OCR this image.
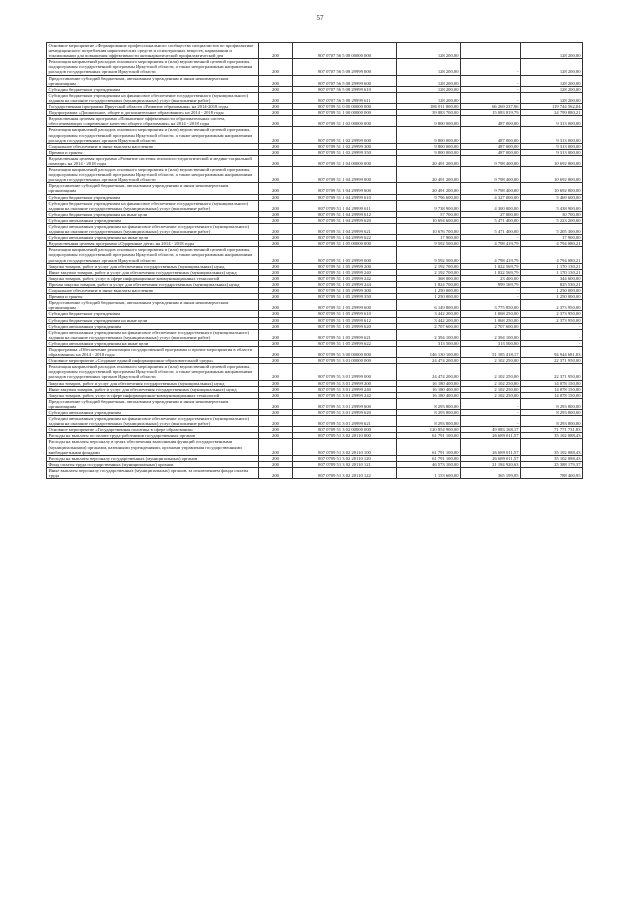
57
Основное мероприятие «Формирование профессионального сообщества специалистов по профилактике немедицинского потребления наркотических средств и психотропных веществ, наркомании и токсикомании для повышения эффективности антинаркотической профилактической дея	200	807 0707 56 5 08 00000 000	128 200,00		128 200,00
Реализация направлений расходов основного мероприятия и (или) ведомственной целевой программы, подпрограммы государственной программы Иркутской области, а также непрограммным направлениям расходов государственных органов Иркутской области	200	807 0707 56 5 08 29999 000	128 200,00	-	128 200,00
Предоставление субсидий бюджетным, автономным учреждениям и иным некоммерческим организациям	200	807 0707 56 5 08 29999 600	128 200,00	-	128 200,00
Субсидии бюджетным учреждениям	200	807 0707 56 5 08 29999 610	128 200,00	-	128 200,00
Субсидии бюджетным учреждениям на финансовое обеспечение государственного (муниципального) задания на оказание государственных (муниципальных) услуг (выполнение работ)	200	807 0707 56 5 08 29999 611	128 200,00	-	128 200,00
Государственная программа Иркутской области «Развитие образования» на 2014-2018 годы	200	807 0709 51 0 00 00000 000	186 011 800,00	66 269 237,96	119 744 562,04
Подпрограмма «Дошкольное, общее и дополнительное образование» на 2014 - 2018 годы	200	807 0709 51 1 00 00000 000	39 883 700,00	15 083 819,79	24 799 880,21
Ведомственная целевая программа «Повышение эффективности образовательных систем, обеспечивающих современное качество общего образования» на 2014 - 2018 годы	200	807 0709 51 1 02 00000 000	9 800 000,00	487 000,00	9 313 000,00
Реализация направлений расходов основного мероприятия и (или) ведомственной целевой программы, подпрограммы государственной программы Иркутской области, а также непрограммным направлениям расходов государственных органов Иркутской области	200	807 0709 51 1 02 29999 000	9 800 000,00	487 000,00	9 313 000,00
Социальное обеспечение и иные выплаты населению	200	807 0709 51 1 02 29999 300	9 800 000,00	487 000,00	9 313 000,00
Премии и гранты	200	807 0709 51 1 02 29999 350	9 800 000,00	487 000,00	9 313 000,00
Ведомственная целевая программа «Развитие системы психолого-педагогической и медико-социальной помощи» на 2014 - 2018 годы	200	807 0709 51 1 04 00000 000	20 491 200,00	9 798 400,00	10 692 800,00
Реализация направлений расходов основного мероприятия и (или) ведомственной целевой программы, подпрограммы государственной программы Иркутской области, а также непрограммным направлениям расходов государственных органов Иркутской области	200	807 0709 51 1 04 29999 000	20 491 200,00	9 798 400,00	10 692 800,00
Предоставление субсидий бюджетным, автономным учреждениям и иным некоммерческим организациям	200	807 0709 51 1 04 29999 600	20 491 200,00	9 798 400,00	10 692 800,00
Субсидии бюджетным учреждениям	200	807 0709 51 1 04 29999 610	9 796 600,00	4 327 000,00	5 469 600,00
Субсидии бюджетным учреждениям на финансовое обеспечение государственного (муниципального) задания на оказание государственных (муниципальных) услуг (выполнение работ)	200	807 0709 51 1 04 29999 611	9 738 900,00	4 300 000,00	5 438 900,00
Субсидии бюджетным учреждениям на иные цели	200	807 0709 51 1 04 29999 612	57 700,00	27 000,00	30 700,00
Субсидии автономным учреждениям	200	807 0709 51 1 04 29999 620	10 694 600,00	5 471 400,00	5 223 200,00
Субсидии автономным учреждениям на финансовое обеспечение государственного (муниципального) задания на оказание государственных (муниципальных) услуг (выполнение работ)	200	807 0709 51 1 04 29999 621	10 676 700,00	5 471 400,00	5 205 300,00
Субсидии автономным учреждениям на иные цели	200	807 0709 51 1 04 29999 622	17 900,00	-	17 900,00
Ведомственная целевая программа «Одаренные дети» на 2014 - 2018 годы	200	807 0709 51 1 05 00000 000	9 592 500,00	4 798 419,79	4 794 080,21
Реализация направлений расходов основного мероприятия и (или) ведомственной целевой программы, подпрограммы государственной программы Иркутской области, а также непрограммным направлениям расходов государственных органов Иркутской области	200	807 0709 51 1 05 29999 000	9 592 500,00	4 798 419,79	4 794 080,21
Закупка товаров, работ и услуг для обеспечения государственных (муниципальных) нужд	200	807 0709 51 1 05 29999 200	2 192 700,00	1 022 569,79	1 170 130,21
Иные закупки товаров, работ и услуг для обеспечения государственных (муниципальных) нужд	200	807 0709 51 1 05 29999 240	2 192 700,00	1 022 569,79	1 170 130,21
Закупка товаров, работ, услуг в сфере информационно-коммуникационных технологий	200	807 0709 51 1 05 29999 242	368 000,00	23 400,00	344 600,00
Прочая закупка товаров, работ и услуг для обеспечения государственных (муниципальных) нужд	200	807 0709 51 1 05 29999 244	1 824 700,00	999 169,79	825 530,21
Социальное обеспечение и иные выплаты населению	200	807 0709 51 1 05 29999 300	1 250 000,00	-	1 250 000,00
Премии и гранты	200	807 0709 51 1 05 29999 350	1 250 000,00	-	1 250 000,00
Предоставление субсидий бюджетным, автономным учреждениям и иным некоммерческим организациям	200	807 0709 51 1 05 29999 600	6 149 800,00	3 775 850,00	2 373 950,00
Субсидии бюджетным учреждениям	200	807 0709 51 1 05 29999 610	3 442 200,00	1 068 250,00	2 373 950,00
Субсидии бюджетным учреждениям на иные цели	200	807 0709 51 1 05 29999 612	3 442 200,00	1 068 250,00	2 373 950,00
Субсидии автономным учреждениям	200	807 0709 51 1 05 29999 620	2 707 600,00	2 707 600,00	-
Субсидии автономным учреждениям на финансовое обеспечение государственного (муниципального) задания на оказание государственных (муниципальных) услуг (выполнение работ)	200	807 0709 51 1 05 29999 621	2 394 100,00	2 394 100,00	-
Субсидии автономным учреждениям на иные цели	200	807 0709 51 1 05 29999 622	313 500,00	313 500,00	-
Подпрограмма «Обеспечение реализации государственной программы и прочие мероприятия в области образования» на 2014 - 2018 годы	200	807 0709 51 3 00 00000 000	146 130 100,00	51 185 418,17	94 944 681,83
Основное мероприятие «Создание единой информационно-образовательной среды»	200	807 0709 51 3 01 00000 000	24 474 200,00	2 102 250,00	22 371 950,00
Реализация направлений расходов основного мероприятия и (или) ведомственной целевой программы, подпрограммы государственной программы Иркутской области, а также непрограммным направлениям расходов государственных органов Иркутской области	200	807 0709 51 3 01 29999 000	24 474 200,00	2 102 250,00	22 371 950,00
Закупка товаров, работ и услуг для обеспечения государственных (муниципальных) нужд	200	807 0709 51 3 01 29999 200	16 180 400,00	2 102 250,00	14 078 150,00
Иные закупки товаров, работ и услуг для обеспечения государственных (муниципальных) нужд	200	807 0709 51 3 01 29999 240	16 180 400,00	2 102 250,00	14 078 150,00
Закупка товаров, работ, услуг в сфере информационно-коммуникационных технологий	200	807 0709 51 3 01 29999 242	16 180 400,00	2 102 250,00	14 078 150,00
Предоставление субсидий бюджетным, автономным учреждениям и иным некоммерческим организациям	200	807 0709 51 3 01 29999 600	8 293 800,00	-	8 293 800,00
Субсидии автономным учреждениям	200	807 0709 51 3 01 29999 620	8 293 800,00	-	8 293 800,00
Субсидии автономным учреждениям на финансовое обеспечение государственного (муниципального) задания на оказание государственных (муниципальных) услуг (выполнение работ)	200	807 0709 51 3 01 29999 621	8 293 800,00	-	8 293 800,00
Основное мероприятие «Государственная политика в сфере образования»	200	807 0709 51 3 02 00000 000	120 854 900,00	49 083 168,17	71 771 731,83
Расходы на выплаты по оплате труда работников государственных органов	200	807 0709 51 3 02 20110 000	61 791 100,00	26 689 011,57	35 102 088,43
Расходы на выплаты персоналу в целях обеспечения выполнения функций государственными (муниципальными) органами, казенными учреждениями, органами управления государственными внебюджетными фондами	200	807 0709 51 3 02 20110 100	61 791 100,00	26 689 011,57	35 102 088,43
Расходы на выплаты персоналу государственных (муниципальных) органов	200	807 0709 51 3 02 20110 120	61 791 100,00	26 689 011,57	35 102 088,43
Фонд оплаты труда государственных (муниципальных) органов	200	807 0709 51 3 02 20110 121	46 573 100,00	21 184 920,63	25 388 179,37
Иные выплаты персоналу государственных (муниципальных) органов, за исключением фонда оплаты труда	200	807 0709 51 3 02 20110 122	1 153 600,00	365 199,05	788 400,95
